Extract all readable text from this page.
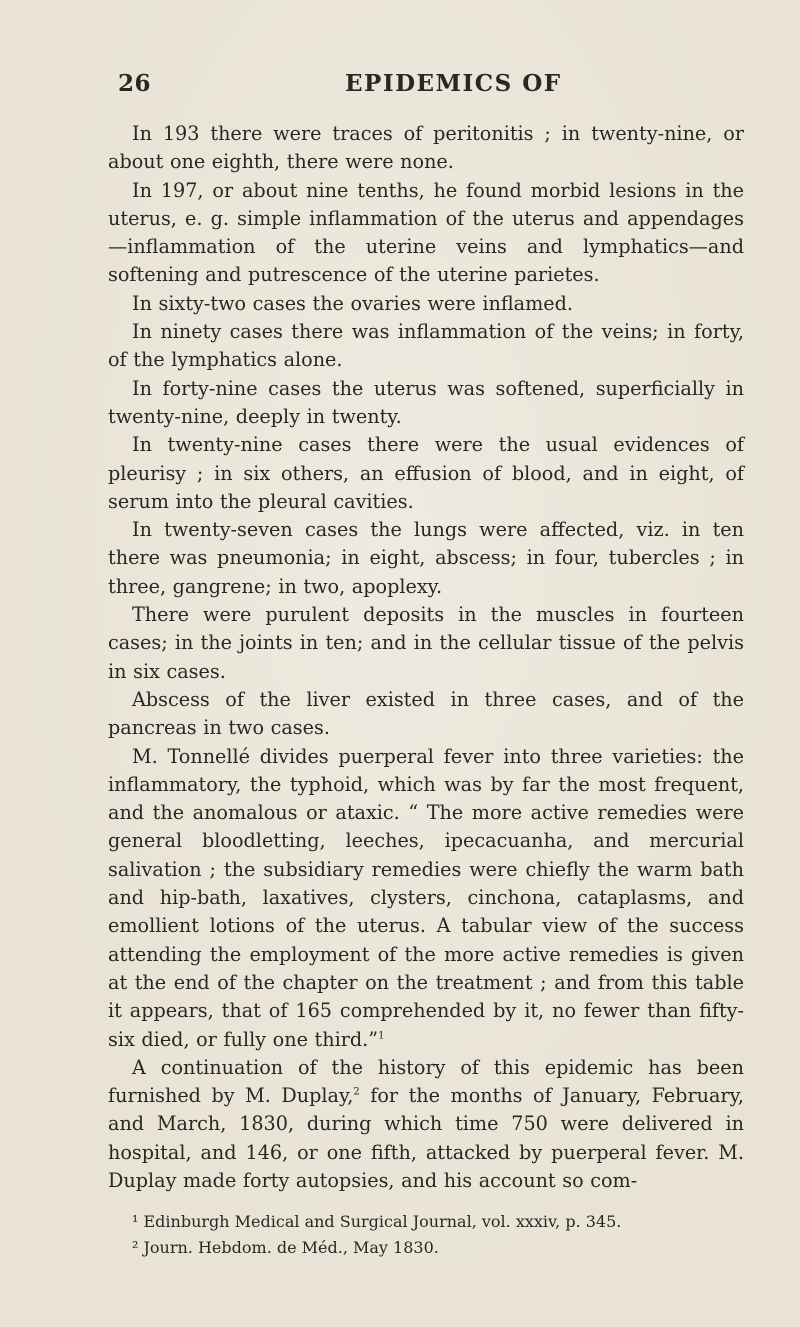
26	EPIDEMICS OF

In 193 there were traces of peritonitis ; in twenty-nine, or about one eighth, there were none.

In 197, or about nine tenths, he found morbid lesions in the uterus, e. g. simple inflammation of the uterus and appendages —inflammation of the uterine veins and lymphatics—and softening and putrescence of the uterine parietes.

In sixty-two cases the ovaries were inflamed.

In ninety cases there was inflammation of the veins; in forty, of the lymphatics alone.

In forty-nine cases the uterus was softened, superficially in twenty-nine, deeply in twenty.

In twenty-nine cases there were the usual evidences of pleurisy ; in six others, an effusion of blood, and in eight, of serum into the pleural cavities.

In twenty-seven cases the lungs were affected, viz. in ten there was pneumonia; in eight, abscess; in four, tubercles ; in three, gangrene; in two, apoplexy.

There were purulent deposits in the muscles in fourteen cases; in the joints in ten; and in the cellular tissue of the pelvis in six cases.

Abscess of the liver existed in three cases, and of the pancreas in two cases.

M. Tonnellé divides puerperal fever into three varieties: the inflammatory, the typhoid, which was by far the most frequent, and the anomalous or ataxic. “ The more active remedies were general bloodletting, leeches, ipecacuanha, and mercurial salivation ; the subsidiary remedies were chiefly the warm bath and hip-bath, laxatives, clysters, cinchona, cataplasms, and emollient lotions of the uterus. A tabular view of the success attending the employment of the more active remedies is given at the end of the chapter on the treatment ; and from this table it appears, that of 165 comprehended by it, no fewer than fifty-six died, or fully one third.”$^1$

A continuation of the history of this epidemic has been furnished by M. Duplay,$^2$ for the months of January, February, and March, 1830, during which time 750 were delivered in hospital, and 146, or one fifth, attacked by puerperal fever. M. Duplay made forty autopsies, and his account so com-

¹ Edinburgh Medical and Surgical Journal, vol. xxxiv, p. 345.

² Journ. Hebdom. de Méd., May 1830.
